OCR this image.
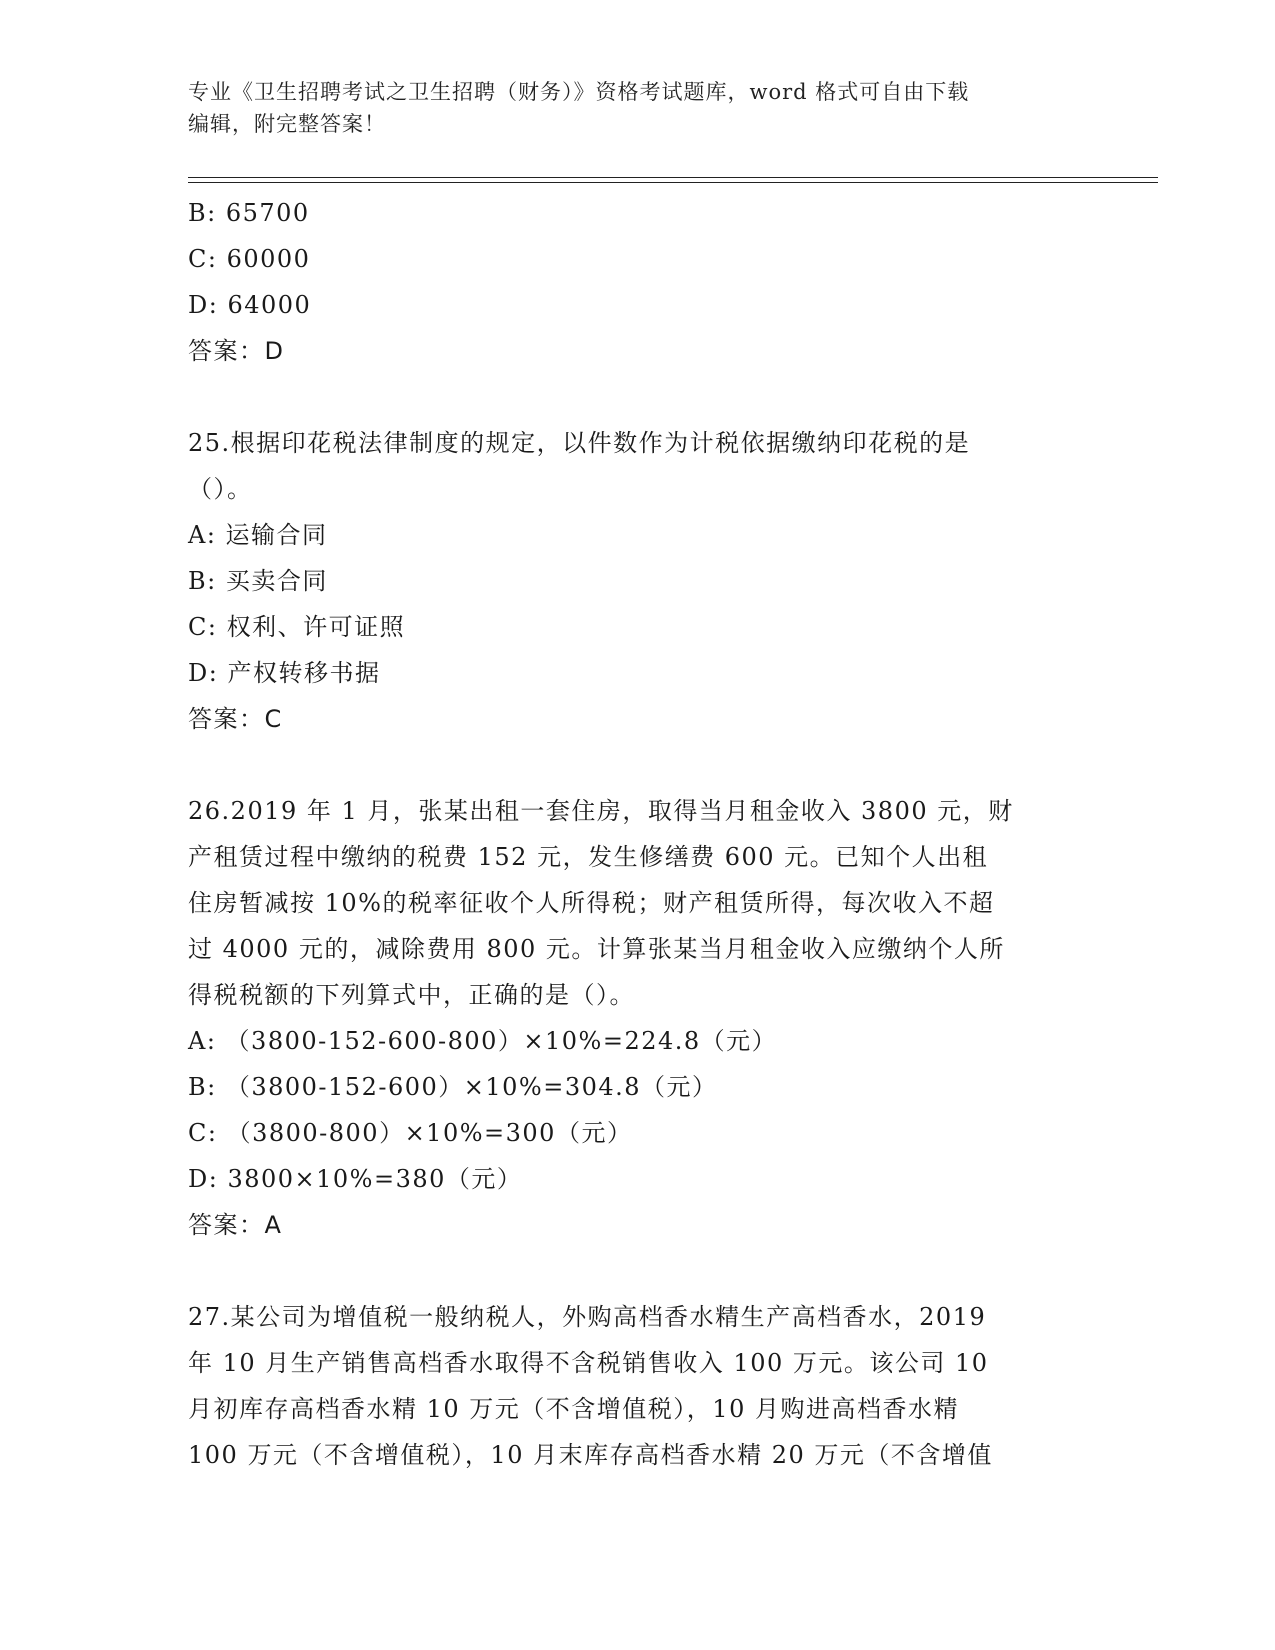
专业《卫生招聘考试之卫生招聘（财务）》资格考试题库，word 格式可自由下载
编辑，附完整答案！
B: 65700
C: 60000
D: 64000
答案：D
25.根据印花税法律制度的规定，以件数作为计税依据缴纳印花税的是
（）。
A: 运输合同
B: 买卖合同
C: 权利、许可证照
D: 产权转移书据
答案：C
26.2019 年 1 月，张某出租一套住房，取得当月租金收入 3800 元，财
产租赁过程中缴纳的税费 152 元，发生修缮费 600 元。已知个人出租
住房暂减按 10%的税率征收个人所得税；财产租赁所得，每次收入不超
过 4000 元的，减除费用 800 元。计算张某当月租金收入应缴纳个人所
得税税额的下列算式中，正确的是（）。
A: （3800-152-600-800）×10%=224.8（元）
B: （3800-152-600）×10%=304.8（元）
C: （3800-800）×10%=300（元）
D: 3800×10%=380（元）
答案：A
27.某公司为增值税一般纳税人，外购高档香水精生产高档香水，2019
年 10 月生产销售高档香水取得不含税销售收入 100 万元。该公司 10
月初库存高档香水精 10 万元（不含增值税），10 月购进高档香水精
100 万元（不含增值税），10 月末库存高档香水精 20 万元（不含增值
